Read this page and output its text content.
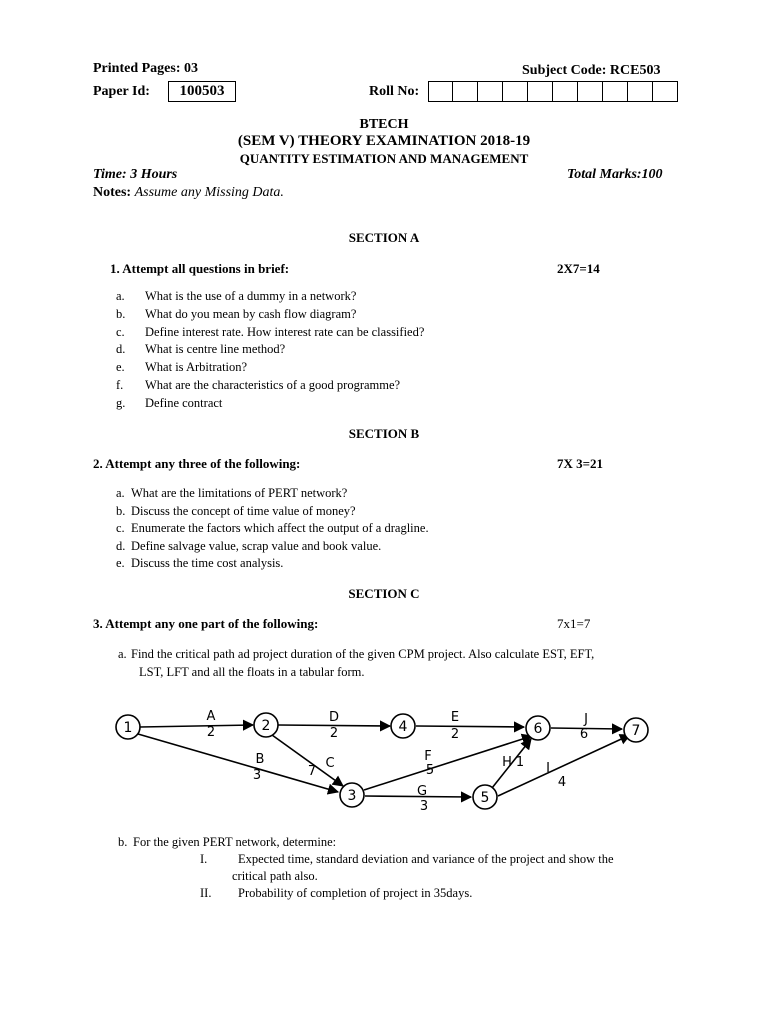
Printed Pages: 03	Subject Code: RCE503
Paper Id:	100503	Roll No:
BTECH
(SEM V) THEORY EXAMINATION 2018-19
QUANTITY ESTIMATION AND MANAGEMENT
Time: 3 Hours	Total Marks:100
Notes: Assume any Missing Data.
SECTION A
1. Attempt all questions in brief:	2X7=14
a. What is the use of a dummy in a network?
b. What do you mean by cash flow diagram?
c. Define interest rate. How interest rate can be classified?
d. What is centre line method?
e. What is Arbitration?
f. What are the characteristics of a good programme?
g. Define contract
SECTION B
2. Attempt any three of the following:	7X 3=21
a. What are the limitations of PERT network?
b. Discuss the concept of time value of money?
c. Enumerate the factors which affect the output of a dragline.
d. Define salvage value, scrap value and book value.
e. Discuss the time cost analysis.
SECTION C
3. Attempt any one part of the following:	7x1=7
a. Find the critical path ad project duration of the given CPM project. Also calculate EST, EFT,
LST, LFT and all the floats in a tabular form.
1	2
3
4
5
6	7
A
2
D
2
E
2
J
6
B
3
C
7
F
5
G
3
H 1 I
4
b. For the given PERT network, determine:
I. Expected time, standard deviation and variance of the project and show the
critical path also.
II. Probability of completion of project in 35days.
